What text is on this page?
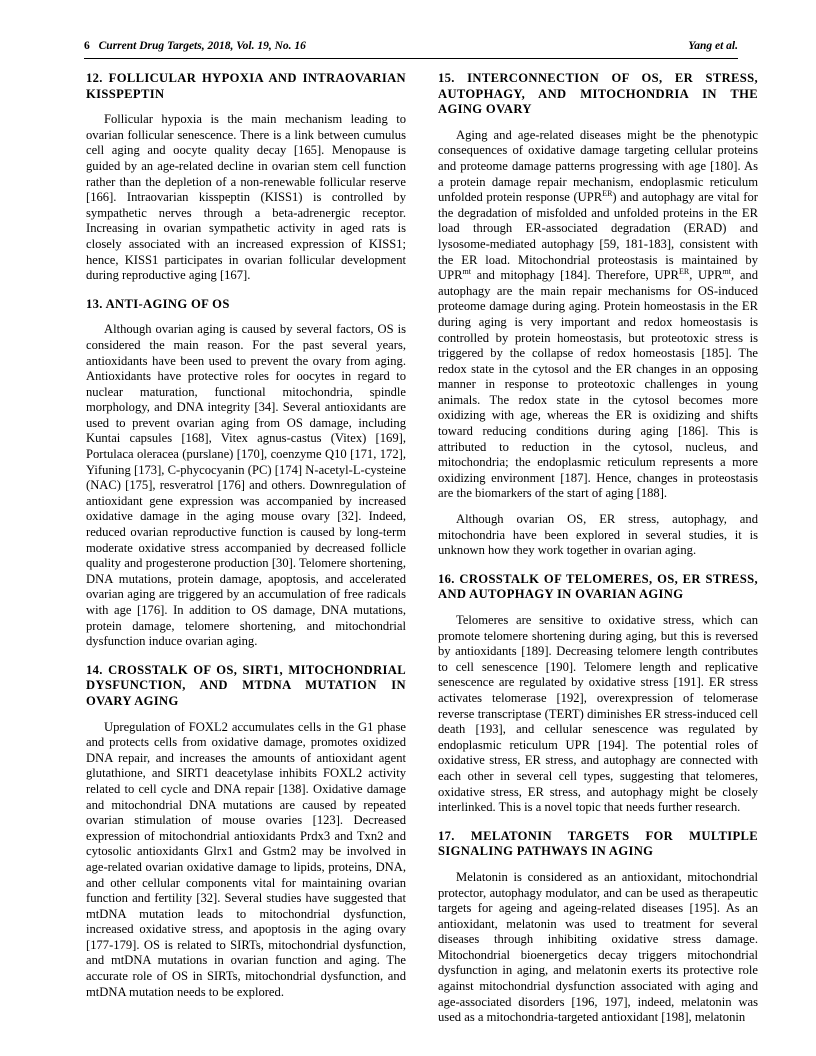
6 Current Drug Targets, 2018, Vol. 19, No. 16	Yang et al.
12. FOLLICULAR HYPOXIA AND INTRAOVARIAN KISSPEPTIN

Follicular hypoxia is the main mechanism leading to ovarian follicular senescence. There is a link between cumulus cell aging and oocyte quality decay [165]. Menopause is guided by an age-related decline in ovarian stem cell function rather than the depletion of a non-renewable follicular reserve [166]. Intraovarian kisspeptin (KISS1) is controlled by sympathetic nerves through a beta-adrenergic receptor. Increasing in ovarian sympathetic activity in aged rats is closely associated with an increased expression of KISS1; hence, KISS1 participates in ovarian follicular development during reproductive aging [167].

13. ANTI-AGING OF OS

Although ovarian aging is caused by several factors, OS is considered the main reason. For the past several years, antioxidants have been used to prevent the ovary from aging. Antioxidants have protective roles for oocytes in regard to nuclear maturation, functional mitochondria, spindle morphology, and DNA integrity [34]. Several antioxidants are used to prevent ovarian aging from OS damage, including Kuntai capsules [168], Vitex agnus-castus (Vitex) [169], Portulaca oleracea (purslane) [170], coenzyme Q10 [171, 172], Yifuning [173], C-phycocyanin (PC) [174] N-acetyl-L-cysteine (NAC) [175], resveratrol [176] and others. Downregulation of antioxidant gene expression was accompanied by increased oxidative damage in the aging mouse ovary [32]. Indeed, reduced ovarian reproductive function is caused by long-term moderate oxidative stress accompanied by decreased follicle quality and progesterone production [30]. Telomere shortening, DNA mutations, protein damage, apoptosis, and accelerated ovarian aging are triggered by an accumulation of free radicals with age [176]. In addition to OS damage, DNA mutations, protein damage, telomere shortening, and mitochondrial dysfunction induce ovarian aging.

14. CROSSTALK OF OS, SIRT1, MITOCHONDRIAL DYSFUNCTION, AND MTDNA MUTATION IN OVARY AGING

Upregulation of FOXL2 accumulates cells in the G1 phase and protects cells from oxidative damage, promotes oxidized DNA repair, and increases the amounts of antioxidant agent glutathione, and SIRT1 deacetylase inhibits FOXL2 activity related to cell cycle and DNA repair [138]. Oxidative damage and mitochondrial DNA mutations are caused by repeated ovarian stimulation of mouse ovaries [123]. Decreased expression of mitochondrial antioxidants Prdx3 and Txn2 and cytosolic antioxidants Glrx1 and Gstm2 may be involved in age-related ovarian oxidative damage to lipids, proteins, DNA, and other cellular components vital for maintaining ovarian function and fertility [32]. Several studies have suggested that mtDNA mutation leads to mitochondrial dysfunction, increased oxidative stress, and apoptosis in the aging ovary [177-179]. OS is related to SIRTs, mitochondrial dysfunction, and mtDNA mutations in ovarian function and aging. The accurate role of OS in SIRTs, mitochondrial dysfunction, and mtDNA mutation needs to be explored.

15. INTERCONNECTION OF OS, ER STRESS, AUTOPHAGY, AND MITOCHONDRIA IN THE AGING OVARY

Aging and age-related diseases might be the phenotypic consequences of oxidative damage targeting cellular proteins and proteome damage patterns progressing with age [180]. As a protein damage repair mechanism, endoplasmic reticulum unfolded protein response $(UPR^{ER})$ and autophagy are vital for the degradation of misfolded and unfolded proteins in the ER load through ER-associated degradation (ERAD) and lysosome-mediated autophagy [59, 181-183], consistent with the ER load. Mitochondrial proteostasis is maintained by $UPR^{mt}$ and mitophagy [184]. Therefore, $UPR^{ER}$, $UPR^{mt}$, and autophagy are the main repair mechanisms for OS-induced proteome damage during aging. Protein homeostasis in the ER during aging is very important and redox homeostasis is controlled by protein homeostasis, but proteotoxic stress is triggered by the collapse of redox homeostasis [185]. The redox state in the cytosol and the ER changes in an opposing manner in response to proteotoxic challenges in young animals. The redox state in the cytosol becomes more oxidizing with age, whereas the ER is oxidizing and shifts toward reducing conditions during aging [186]. This is attributed to reduction in the cytosol, nucleus, and mitochondria; the endoplasmic reticulum represents a more oxidizing environment [187]. Hence, changes in proteostasis are the biomarkers of the start of aging [188].

Although ovarian OS, ER stress, autophagy, and mitochondria have been explored in several studies, it is unknown how they work together in ovarian aging.

16. CROSSTALK OF TELOMERES, OS, ER STRESS, AND AUTOPHAGY IN OVARIAN AGING

Telomeres are sensitive to oxidative stress, which can promote telomere shortening during aging, but this is reversed by antioxidants [189]. Decreasing telomere length contributes to cell senescence [190]. Telomere length and replicative senescence are regulated by oxidative stress [191]. ER stress activates telomerase [192], overexpression of telomerase reverse transcriptase (TERT) diminishes ER stress-induced cell death [193], and cellular senescence was regulated by endoplasmic reticulum UPR [194]. The potential roles of oxidative stress, ER stress, and autophagy are connected with each other in several cell types, suggesting that telomeres, oxidative stress, ER stress, and autophagy might be closely interlinked. This is a novel topic that needs further research.

17. MELATONIN TARGETS FOR MULTIPLE SIGNALING PATHWAYS IN AGING

Melatonin is considered as an antioxidant, mitochondrial protector, autophagy modulator, and can be used as therapeutic targets for ageing and ageing-related diseases [195]. As an antioxidant, melatonin was used to treatment for several diseases through inhibiting oxidative stress damage. Mitochondrial bioenergetics decay triggers mitochondrial dysfunction in aging, and melatonin exerts its protective role against mitochondrial dysfunction associated with aging and age-associated disorders [196, 197], indeed, melatonin was used as a mitochondria-targeted antioxidant [198], melatonin
